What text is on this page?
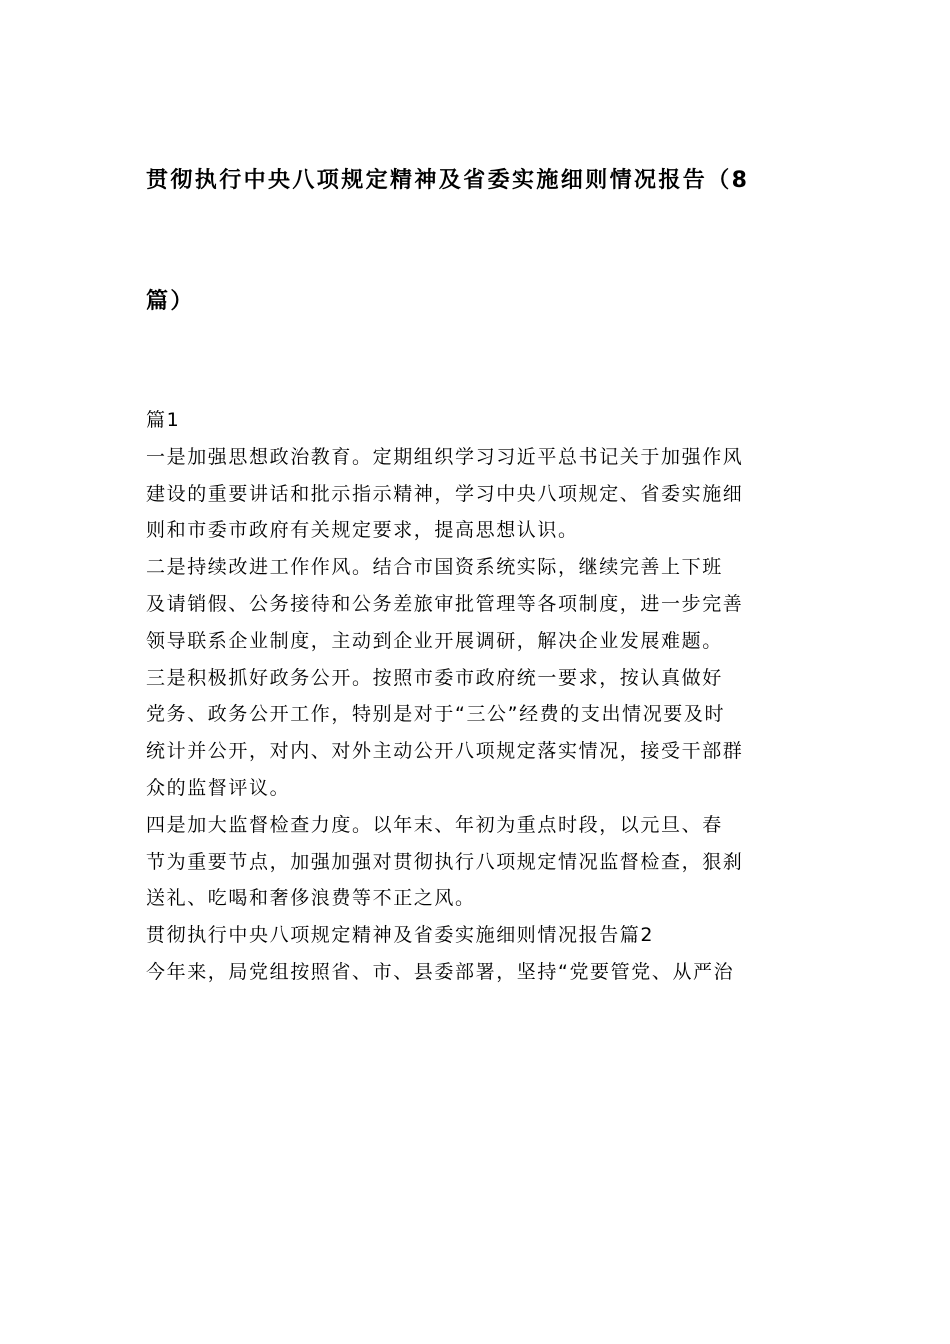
贯彻执行中央八项规定精神及省委实施细则情况报告（8
篇）
篇1
一是加强思想政治教育。定期组织学习习近平总书记关于加强作风
建设的重要讲话和批示指示精神，学习中央八项规定、省委实施细
则和市委市政府有关规定要求，提高思想认识。
二是持续改进工作作风。结合市国资系统实际，继续完善上下班
及请销假、公务接待和公务差旅审批管理等各项制度，进一步完善
领导联系企业制度，主动到企业开展调研，解决企业发展难题。
三是积极抓好政务公开。按照市委市政府统一要求，按认真做好
党务、政务公开工作，特别是对于“三公”经费的支出情况要及时
统计并公开，对内、对外主动公开八项规定落实情况，接受干部群
众的监督评议。
四是加大监督检查力度。以年末、年初为重点时段，以元旦、春
节为重要节点，加强加强对贯彻执行八项规定情况监督检查，狠刹
送礼、吃喝和奢侈浪费等不正之风。
贯彻执行中央八项规定精神及省委实施细则情况报告篇2
今年来，局党组按照省、市、县委部署，坚持“党要管党、从严治
